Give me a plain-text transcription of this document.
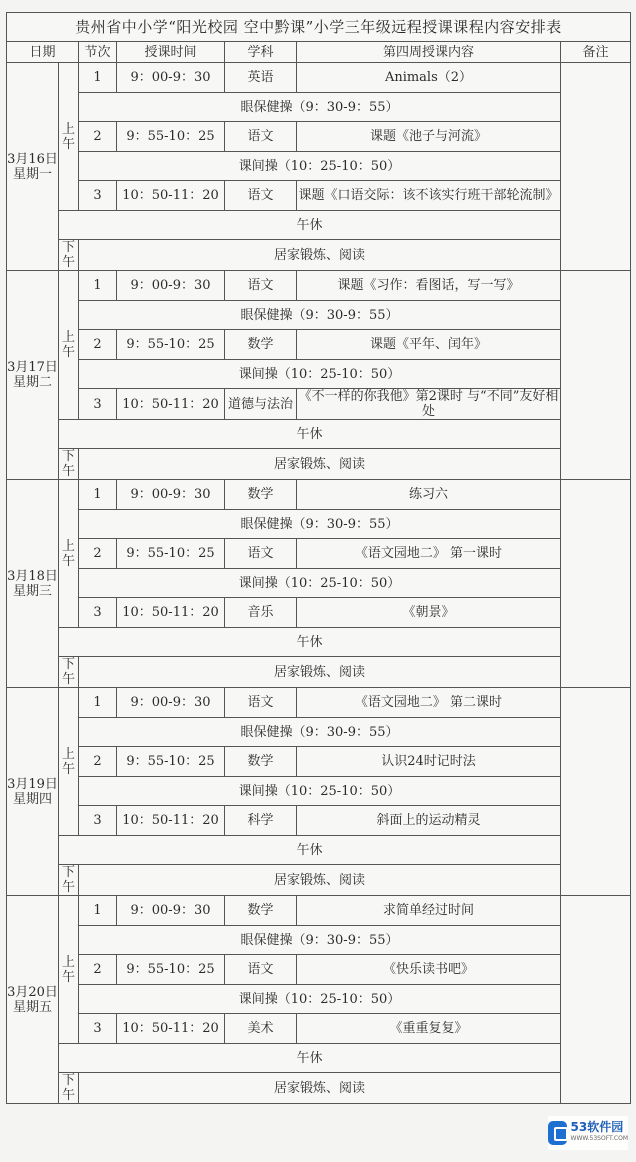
贵州省中小学“阳光校园 空中黔课”小学三年级远程授课课程内容安排表						
日期		节次	授课时间	学科	第四周授课内容	备注
3月16日
星期一	上午	1	9：00-9：30	英语	Animals（2）	
		眼保健操（9：30-9：55）				
		2	9：55-10：25	语文	课题《池子与河流》	
		课间操（10：25-10：50）				
		3	10：50-11：20	语文	课题《口语交际：该不该实行班干部轮流制》	
	午休					
	下午	居家锻炼、阅读				
3月17日
星期二	上午	1	9：00-9：30	语文	课题《习作：看图话，写一写》	
		眼保健操（9：30-9：55）				
		2	9：55-10：25	数学	课题《平年、闰年》	
		课间操（10：25-10：50）				
		3	10：50-11：20	道德与法治	《不一样的你我他》第2课时 与“不同”友好相处	
	午休					
	下午	居家锻炼、阅读				
3月18日
星期三	上午	1	9：00-9：30	数学	练习六	
		眼保健操（9：30-9：55）				
		2	9：55-10：25	语文	《语文园地二》 第一课时	
		课间操（10：25-10：50）				
		3	10：50-11：20	音乐	《朝景》	
	午休					
	下午	居家锻炼、阅读				
3月19日
星期四	上午	1	9：00-9：30	语文	《语文园地二》 第二课时	
		眼保健操（9：30-9：55）				
		2	9：55-10：25	数学	认识24时记时法	
		课间操（10：25-10：50）				
		3	10：50-11：20	科学	斜面上的运动精灵	
	午休					
	下午	居家锻炼、阅读				
3月20日
星期五	上午	1	9：00-9：30	数学	求简单经过时间	
		眼保健操（9：30-9：55）				
		2	9：55-10：25	语文	《快乐读书吧》	
		课间操（10：25-10：50）				
		3	10：50-11：20	美术	《重重复复》	
	午休					
	下午	居家锻炼、阅读				
53软件园
WWW.53SOFT.COM
